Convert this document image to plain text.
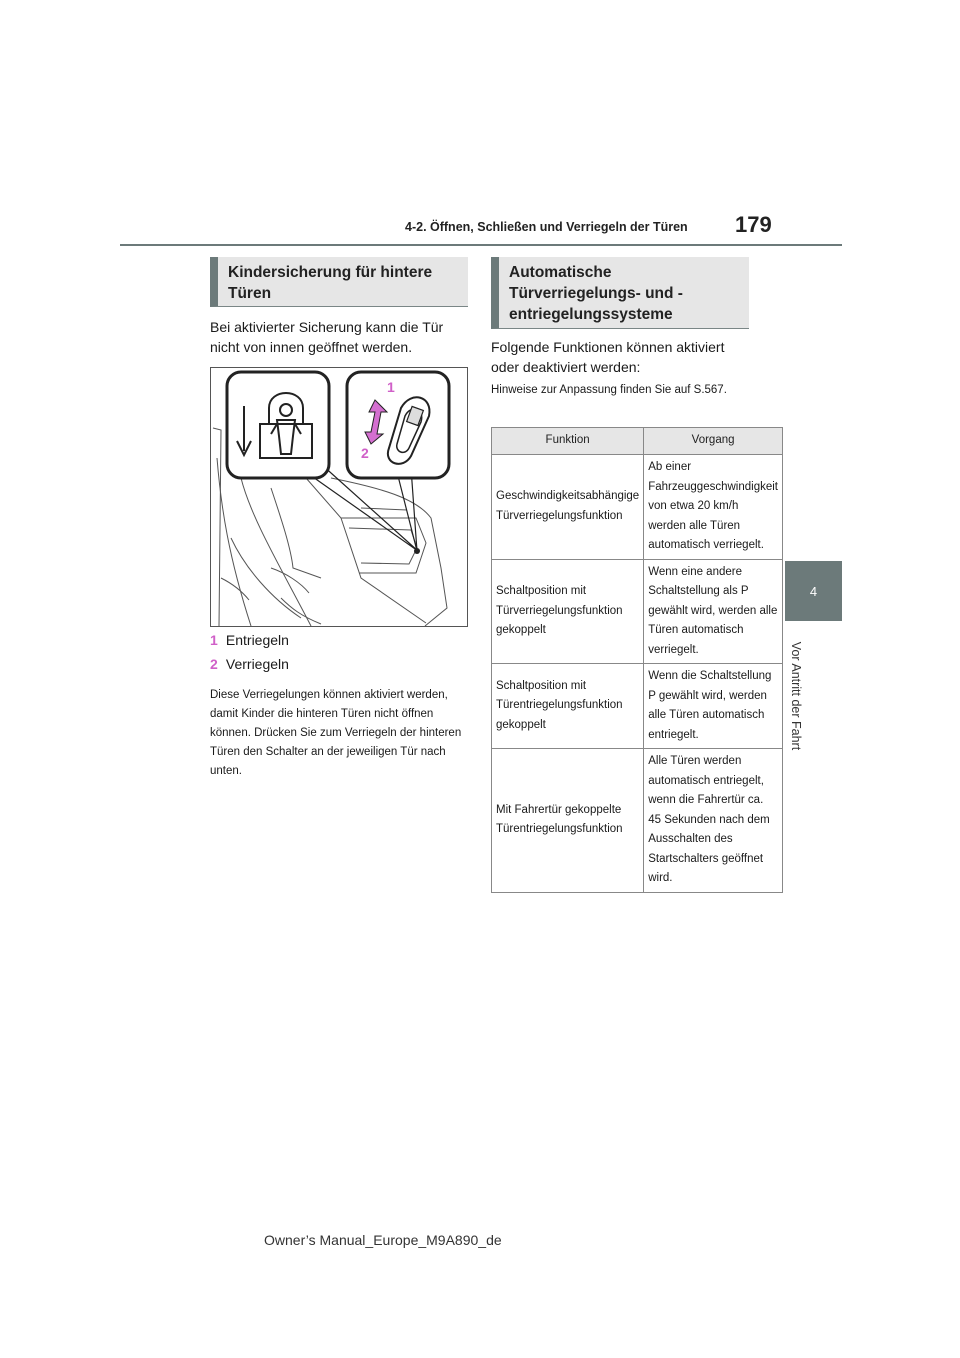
4-2. Öffnen, Schließen und Verriegeln der Türen 179
4
Vor Antritt der Fahrt
Kindersicherung für hintere Türen
Bei aktivierter Sicherung kann die Tür nicht von innen geöffnet werden.
1
2
1 Entriegeln
2 Verriegeln
Diese Verriegelungen können aktiviert werden, damit Kinder die hinteren Türen nicht öffnen können. Drücken Sie zum Verriegeln der hinteren Türen den Schalter an der jeweiligen Tür nach unten.
Automatische Türverriegelungs- und -entriegelungssysteme
Folgende Funktionen können aktiviert oder deaktiviert werden:
Hinweise zur Anpassung finden Sie auf S.567.
Funktion	Vorgang
Geschwindigkeitsabhängige Türverriegelungsfunktion	Ab einer Fahrzeuggeschwindigkeit von etwa 20 km/h werden alle Türen automatisch verriegelt.
Schaltposition mit Türverriegelungsfunktion gekoppelt	Wenn eine andere Schaltstellung als P gewählt wird, werden alle Türen automatisch verriegelt.
Schaltposition mit Türentriegelungsfunktion gekoppelt	Wenn die Schaltstellung P gewählt wird, werden alle Türen automatisch entriegelt.
Mit Fahrertür gekoppelte Türentriegelungsfunktion	Alle Türen werden automatisch entriegelt, wenn die Fahrertür ca. 45 Sekunden nach dem Ausschalten des Startschalters geöffnet wird.
Owner’s Manual_Europe_M9A890_de
